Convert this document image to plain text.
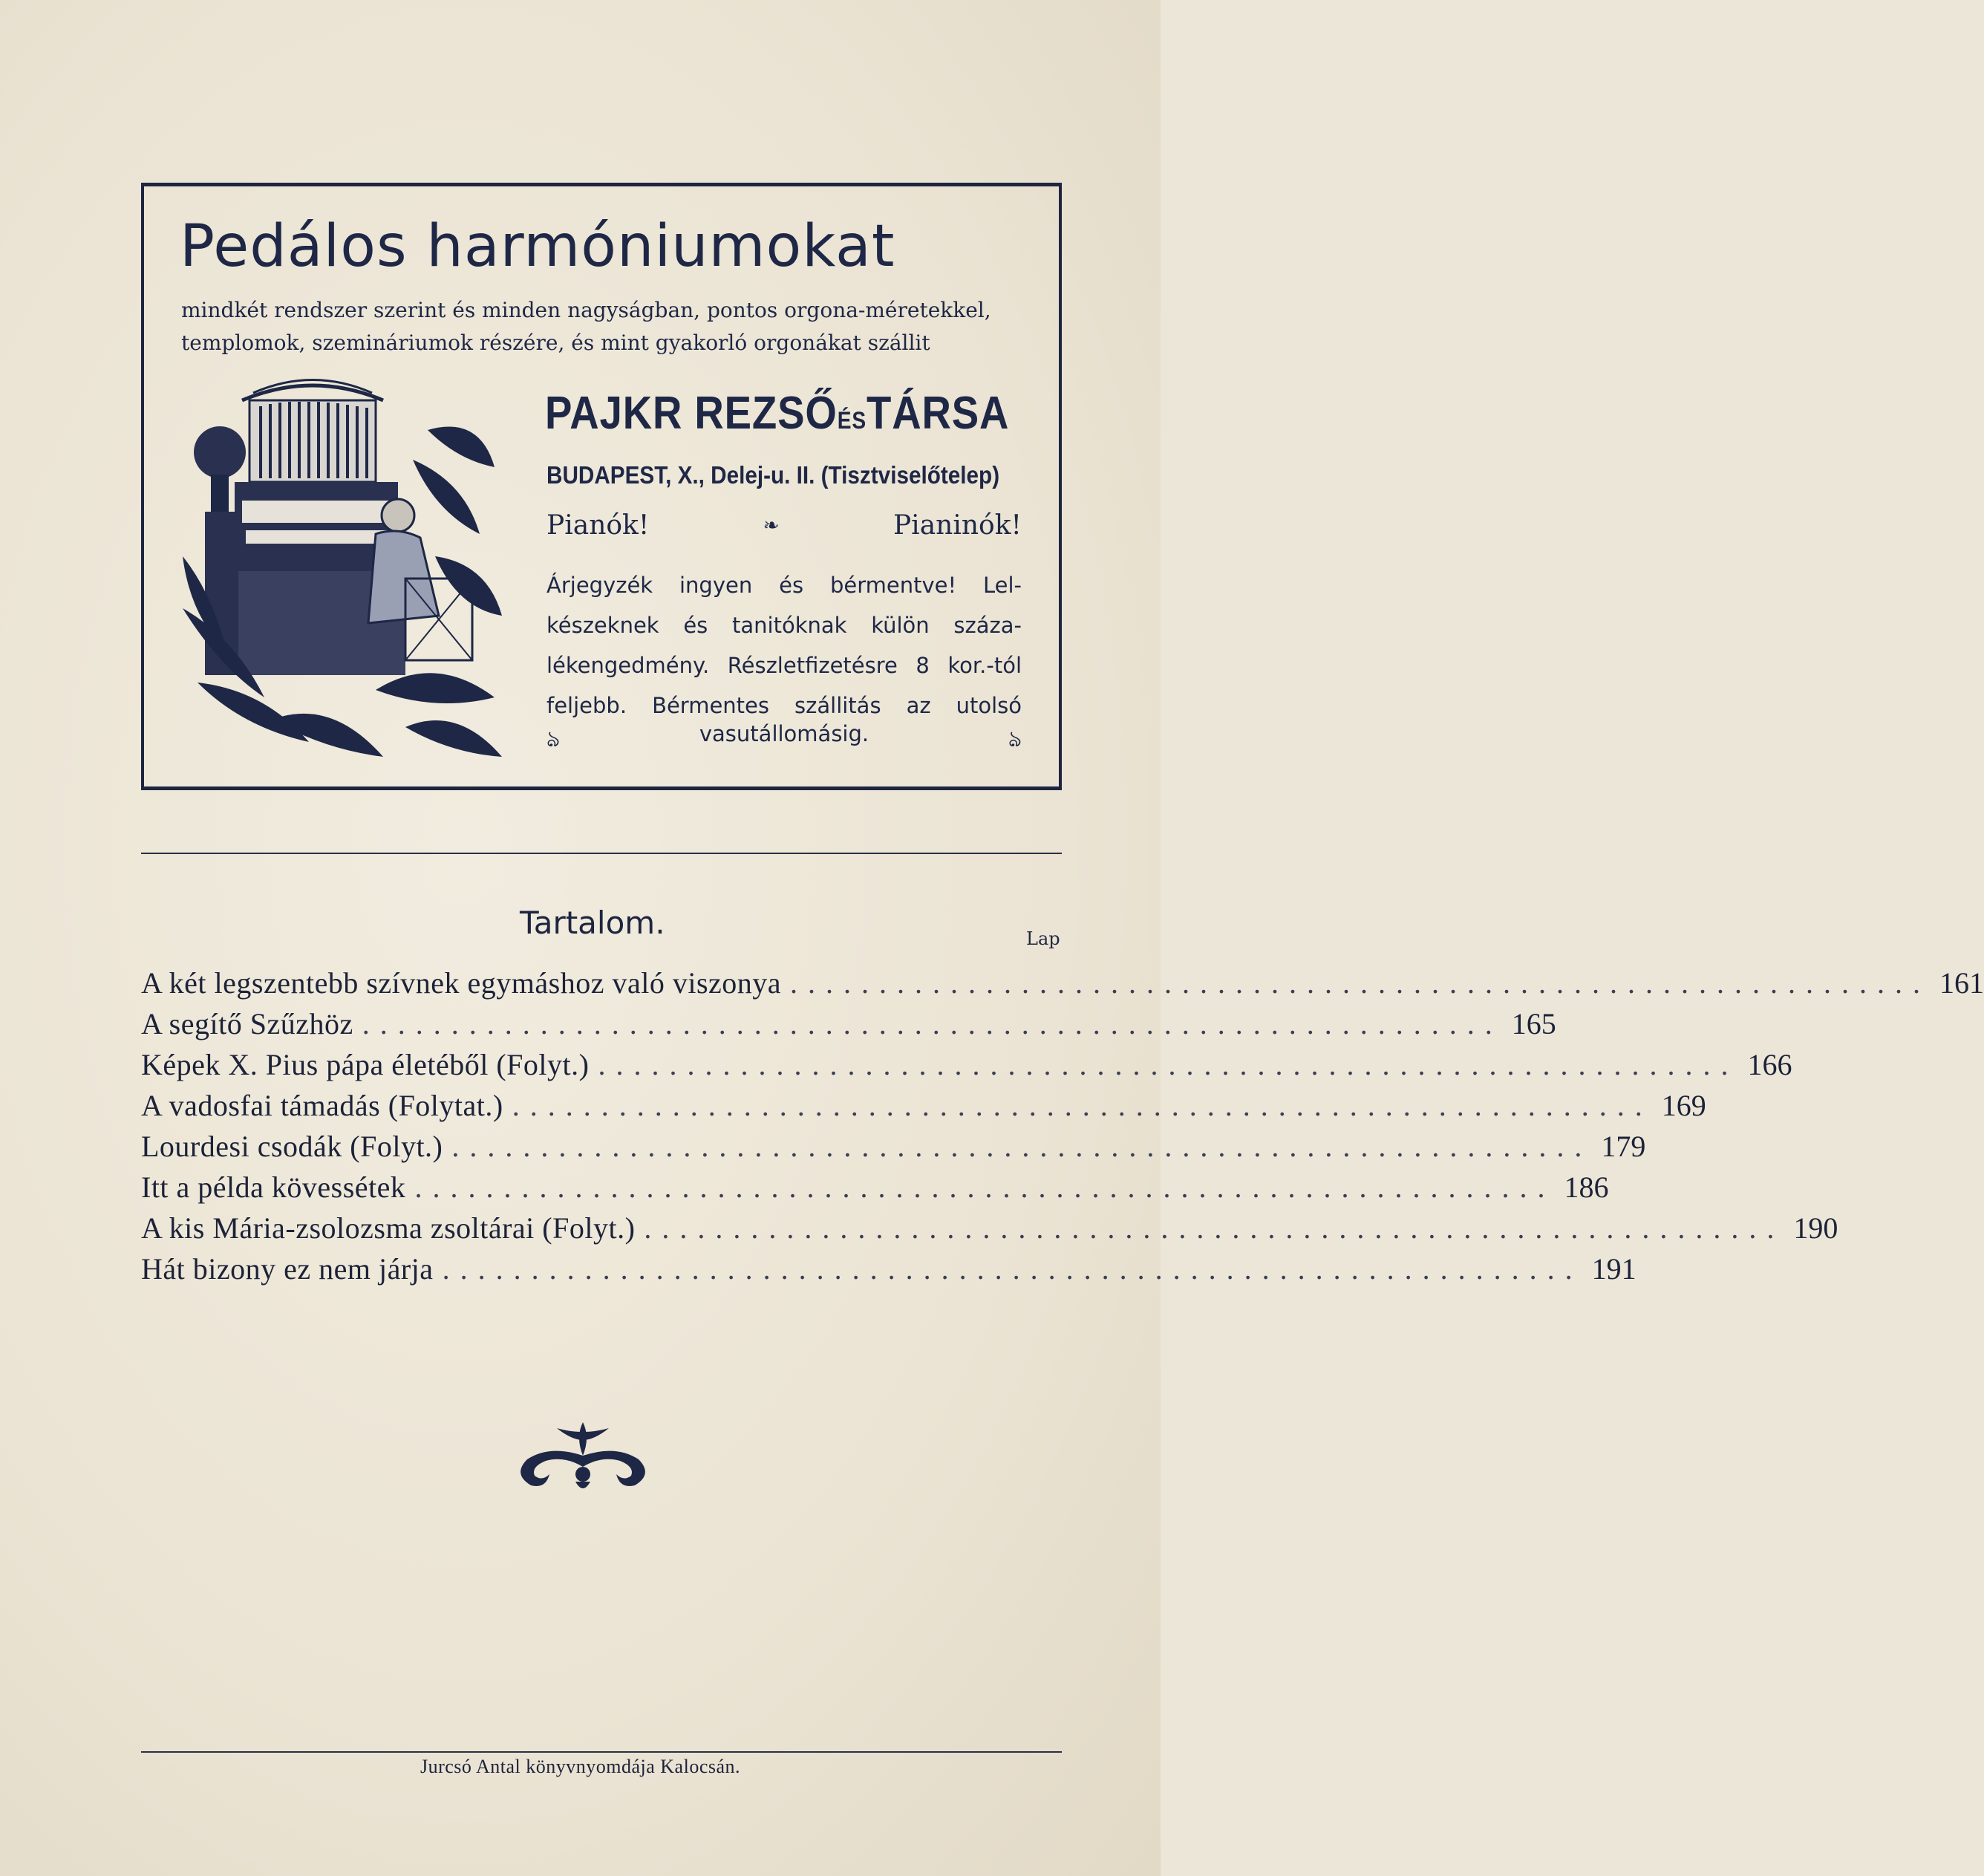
Pedálos harmóniumokat
mindkét rendszer szerint és minden nagyságban, pontos orgona-méretekkel,
templomok, szemináriumok részére, és mint gyakorló orgonákat szállit
PAJKR REZSŐÉSTÁRSA
BUDAPEST, X., Delej-u. II. (Tisztviselőtelep)
Pianók!	❧	Pianinók!
Árjegyzék ingyen és bérmentve! Lel-
készeknek és tanitóknak külön száza-
lékengedmény. Részletfizetésre 8 kor.-tól
feljebb. Bérmentes szállitás az utolsó
ঌ	vasutállomásig.	ঌ
Tartalom.	Lap
A két legszentebb szívnek egymáshoz való viszonya ................................................................ 161
A segítő Szűzhöz ................................................................ 165
Képek X. Pius pápa életéből (Folyt.) ................................................................ 166
A vadosfai támadás (Folytat.) ................................................................ 169
Lourdesi csodák (Folyt.) ................................................................ 179
Itt a példa kövessétek ................................................................ 186
A kis Mária-zsolozsma zsoltárai (Folyt.) ................................................................ 190
Hát bizony ez nem járja ................................................................ 191
Jurcsó Antal könyvnyomdája Kalocsán.
